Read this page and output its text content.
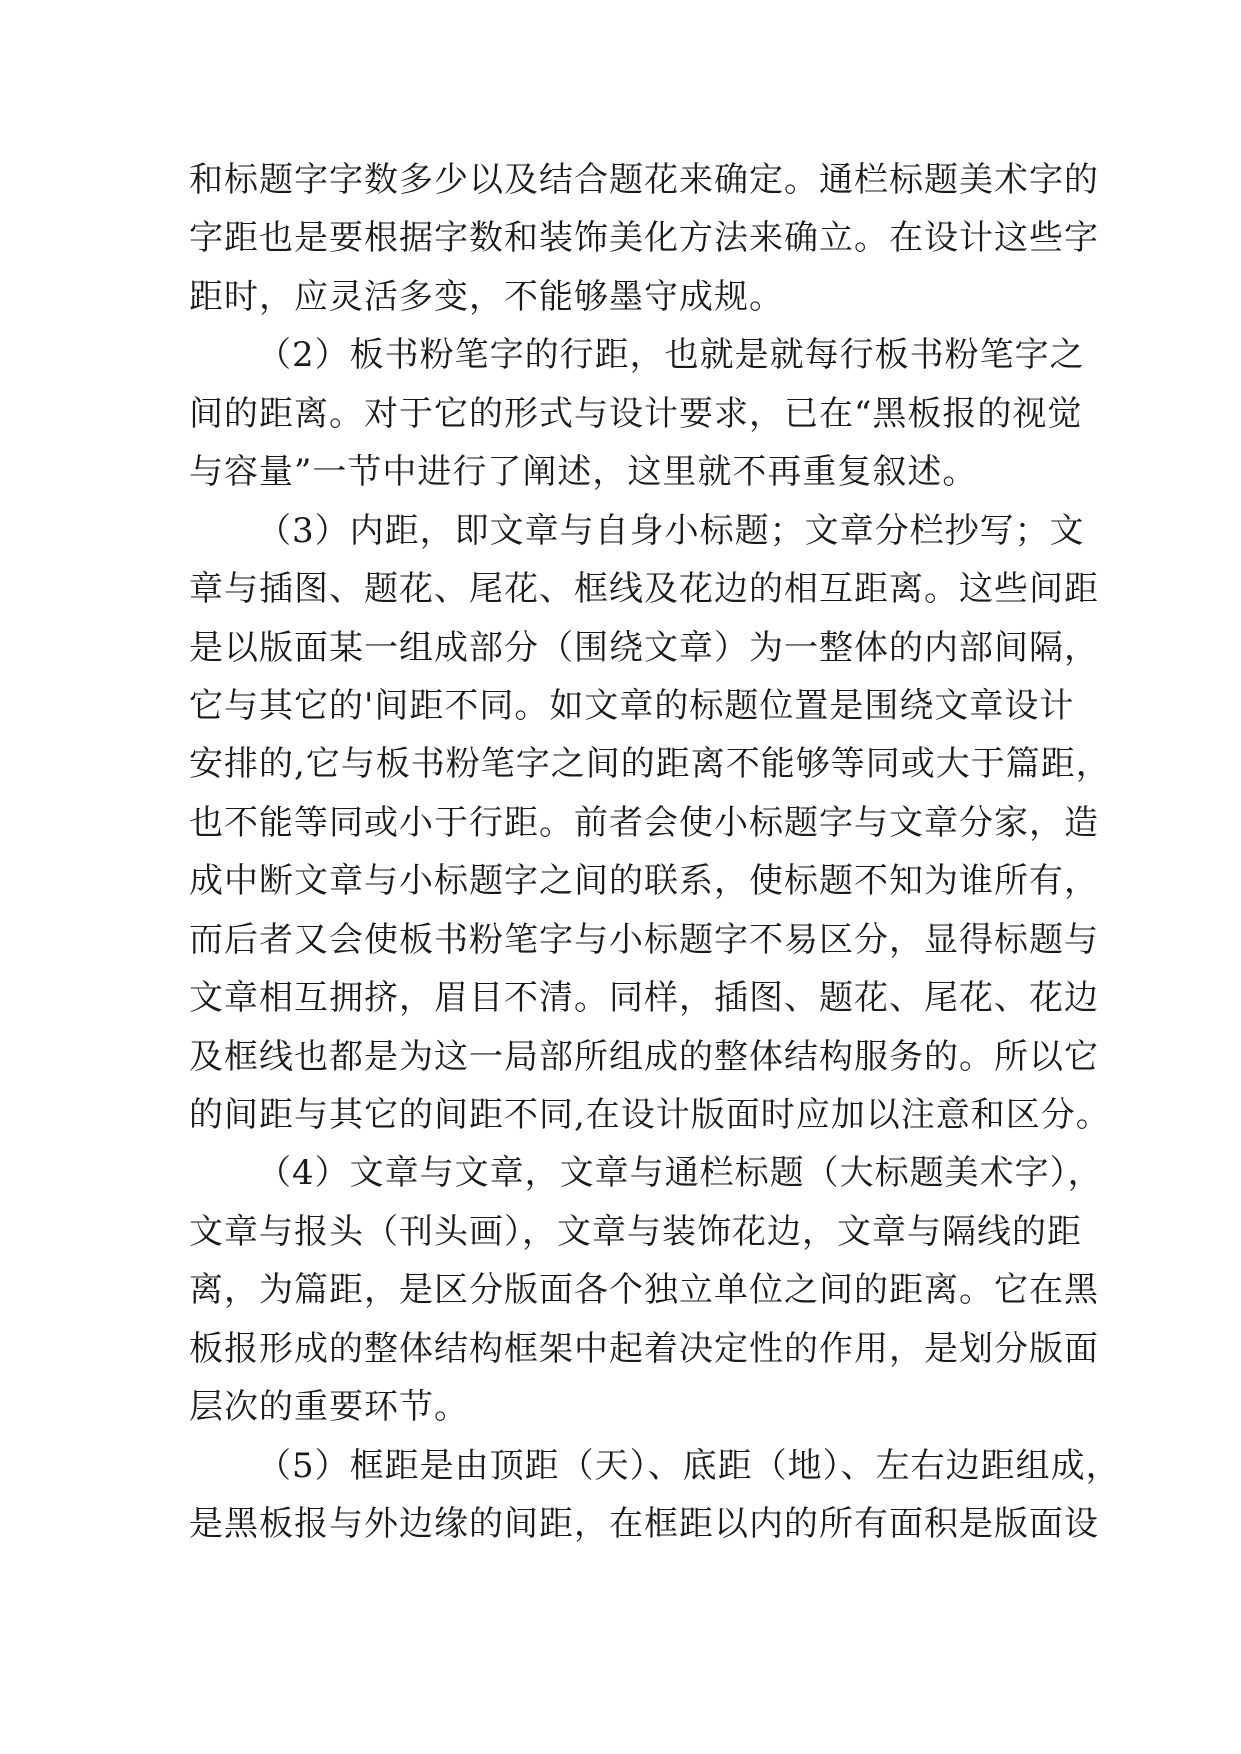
和标题字字数多少以及结合题花来确定。通栏标题美术字的
字距也是要根据字数和装饰美化方法来确立。在设计这些字
距时，应灵活多变，不能够墨守成规。
（2）板书粉笔字的行距，也就是就每行板书粉笔字之
间的距离。对于它的形式与设计要求，已在“黑板报的视觉
与容量”一节中进行了阐述，这里就不再重复叙述。
（3）内距，即文章与自身小标题；文章分栏抄写；文
章与插图、题花、尾花、框线及花边的相互距离。这些间距
是以版面某一组成部分（围绕文章）为一整体的内部间隔，
它与其它的'间距不同。如文章的标题位置是围绕文章设计
安排的,它与板书粉笔字之间的距离不能够等同或大于篇距，
也不能等同或小于行距。前者会使小标题字与文章分家，造
成中断文章与小标题字之间的联系，使标题不知为谁所有，
而后者又会使板书粉笔字与小标题字不易区分，显得标题与
文章相互拥挤，眉目不清。同样，插图、题花、尾花、花边
及框线也都是为这一局部所组成的整体结构服务的。所以它
的间距与其它的间距不同,在设计版面时应加以注意和区分。
（4）文章与文章，文章与通栏标题（大标题美术字），
文章与报头（刊头画），文章与装饰花边，文章与隔线的距
离，为篇距，是区分版面各个独立单位之间的距离。它在黑
板报形成的整体结构框架中起着决定性的作用，是划分版面
层次的重要环节。
（5）框距是由顶距（天）、底距（地）、左右边距组成，
是黑板报与外边缘的间距，在框距以内的所有面积是版面设
